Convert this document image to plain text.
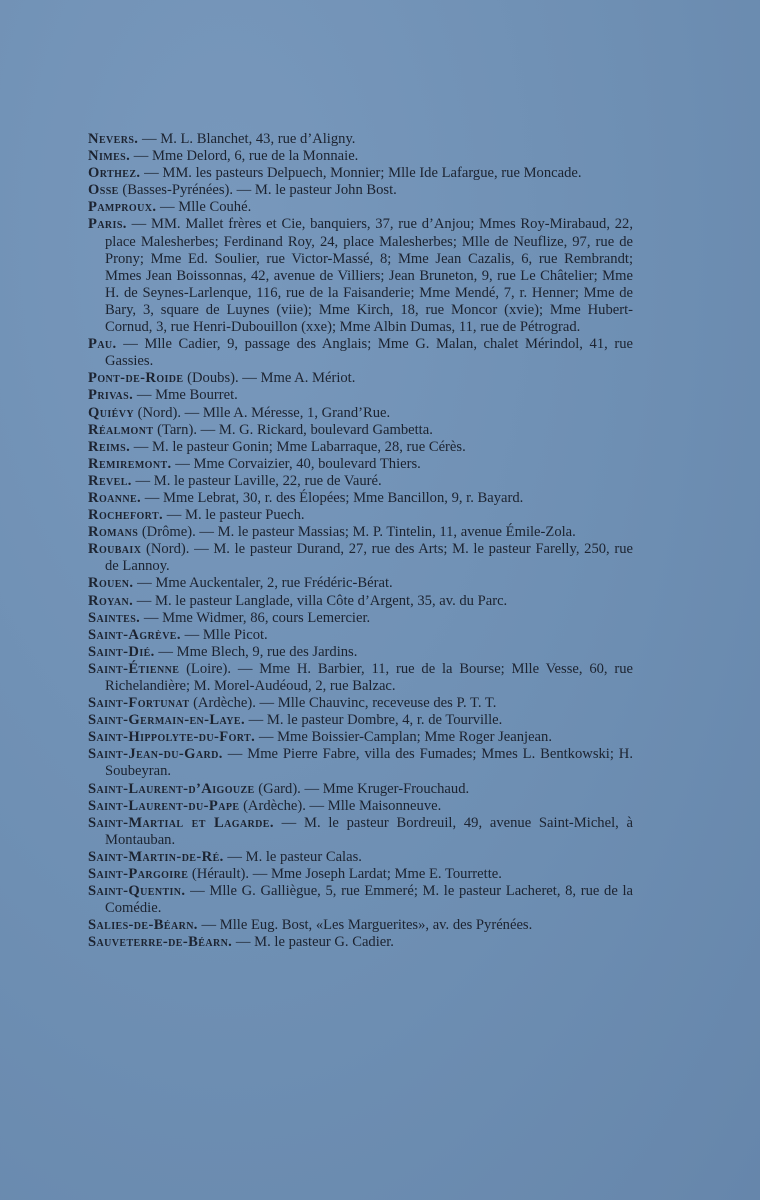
Nevers. — M. L. Blanchet, 43, rue d’Aligny.

Nimes. — Mme Delord, 6, rue de la Monnaie.

Orthez. — MM. les pasteurs Delpuech, Monnier; Mlle Ide Lafargue, rue Moncade.

Osse (Basses-Pyrénées). — M. le pasteur John Bost.

Pamproux. — Mlle Couhé.

Paris. — MM. Mallet frères et Cie, banquiers, 37, rue d’Anjou; Mmes Roy-Mirabaud, 22, place Malesherbes; Ferdinand Roy, 24, place Malesherbes; Mlle de Neuflize, 97, rue de Prony; Mme Ed. Soulier, rue Victor-Massé, 8; Mme Jean Cazalis, 6, rue Rembrandt; Mmes Jean Boissonnas, 42, avenue de Villiers; Jean Bruneton, 9, rue Le Châtelier; Mme H. de Seynes-Larlenque, 116, rue de la Faisanderie; Mme Mendé, 7, r. Henner; Mme de Bary, 3, square de Luynes (viie); Mme Kirch, 18, rue Moncor (xvie); Mme Hubert-Cornud, 3, rue Henri-Dubouillon (xxe); Mme Albin Dumas, 11, rue de Pétrograd.

Pau. — Mlle Cadier, 9, passage des Anglais; Mme G. Malan, chalet Mérindol, 41, rue Gassies.

Pont-de-Roide (Doubs). — Mme A. Mériot.

Privas. — Mme Bourret.

Quiévy (Nord). — Mlle A. Méresse, 1, Grand’Rue.

Réalmont (Tarn). — M. G. Rickard, boulevard Gambetta.

Reims. — M. le pasteur Gonin; Mme Labarraque, 28, rue Cérès.

Remiremont. — Mme Corvaizier, 40, boulevard Thiers.

Revel. — M. le pasteur Laville, 22, rue de Vauré.

Roanne. — Mme Lebrat, 30, r. des Élopées; Mme Bancillon, 9, r. Bayard.

Rochefort. — M. le pasteur Puech.

Romans (Drôme). — M. le pasteur Massias; M. P. Tintelin, 11, avenue Émile-Zola.

Roubaix (Nord). — M. le pasteur Durand, 27, rue des Arts; M. le pasteur Farelly, 250, rue de Lannoy.

Rouen. — Mme Auckentaler, 2, rue Frédéric-Bérat.

Royan. — M. le pasteur Langlade, villa Côte d’Argent, 35, av. du Parc.

Saintes. — Mme Widmer, 86, cours Lemercier.

Saint-Agrève. — Mlle Picot.

Saint-Dié. — Mme Blech, 9, rue des Jardins.

Saint-Étienne (Loire). — Mme H. Barbier, 11, rue de la Bourse; Mlle Vesse, 60, rue Richelandière; M. Morel-Audéoud, 2, rue Balzac.

Saint-Fortunat (Ardèche). — Mlle Chauvinc, receveuse des P. T. T.

Saint-Germain-en-Laye. — M. le pasteur Dombre, 4, r. de Tourville.

Saint-Hippolyte-du-Fort. — Mme Boissier-Camplan; Mme Roger Jeanjean.

Saint-Jean-du-Gard. — Mme Pierre Fabre, villa des Fumades; Mmes L. Bentkowski; H. Soubeyran.

Saint-Laurent-d’Aigouze (Gard). — Mme Kruger-Frouchaud.

Saint-Laurent-du-Pape (Ardèche). — Mlle Maisonneuve.

Saint-Martial et Lagarde. — M. le pasteur Bordreuil, 49, avenue Saint-Michel, à Montauban.

Saint-Martin-de-Ré. — M. le pasteur Calas.

Saint-Pargoire (Hérault). — Mme Joseph Lardat; Mme E. Tourrette.

Saint-Quentin. — Mlle G. Galliègue, 5, rue Emmeré; M. le pasteur Lacheret, 8, rue de la Comédie.

Salies-de-Béarn. — Mlle Eug. Bost, «Les Marguerites», av. des Pyrénées.

Sauveterre-de-Béarn. — M. le pasteur G. Cadier.
